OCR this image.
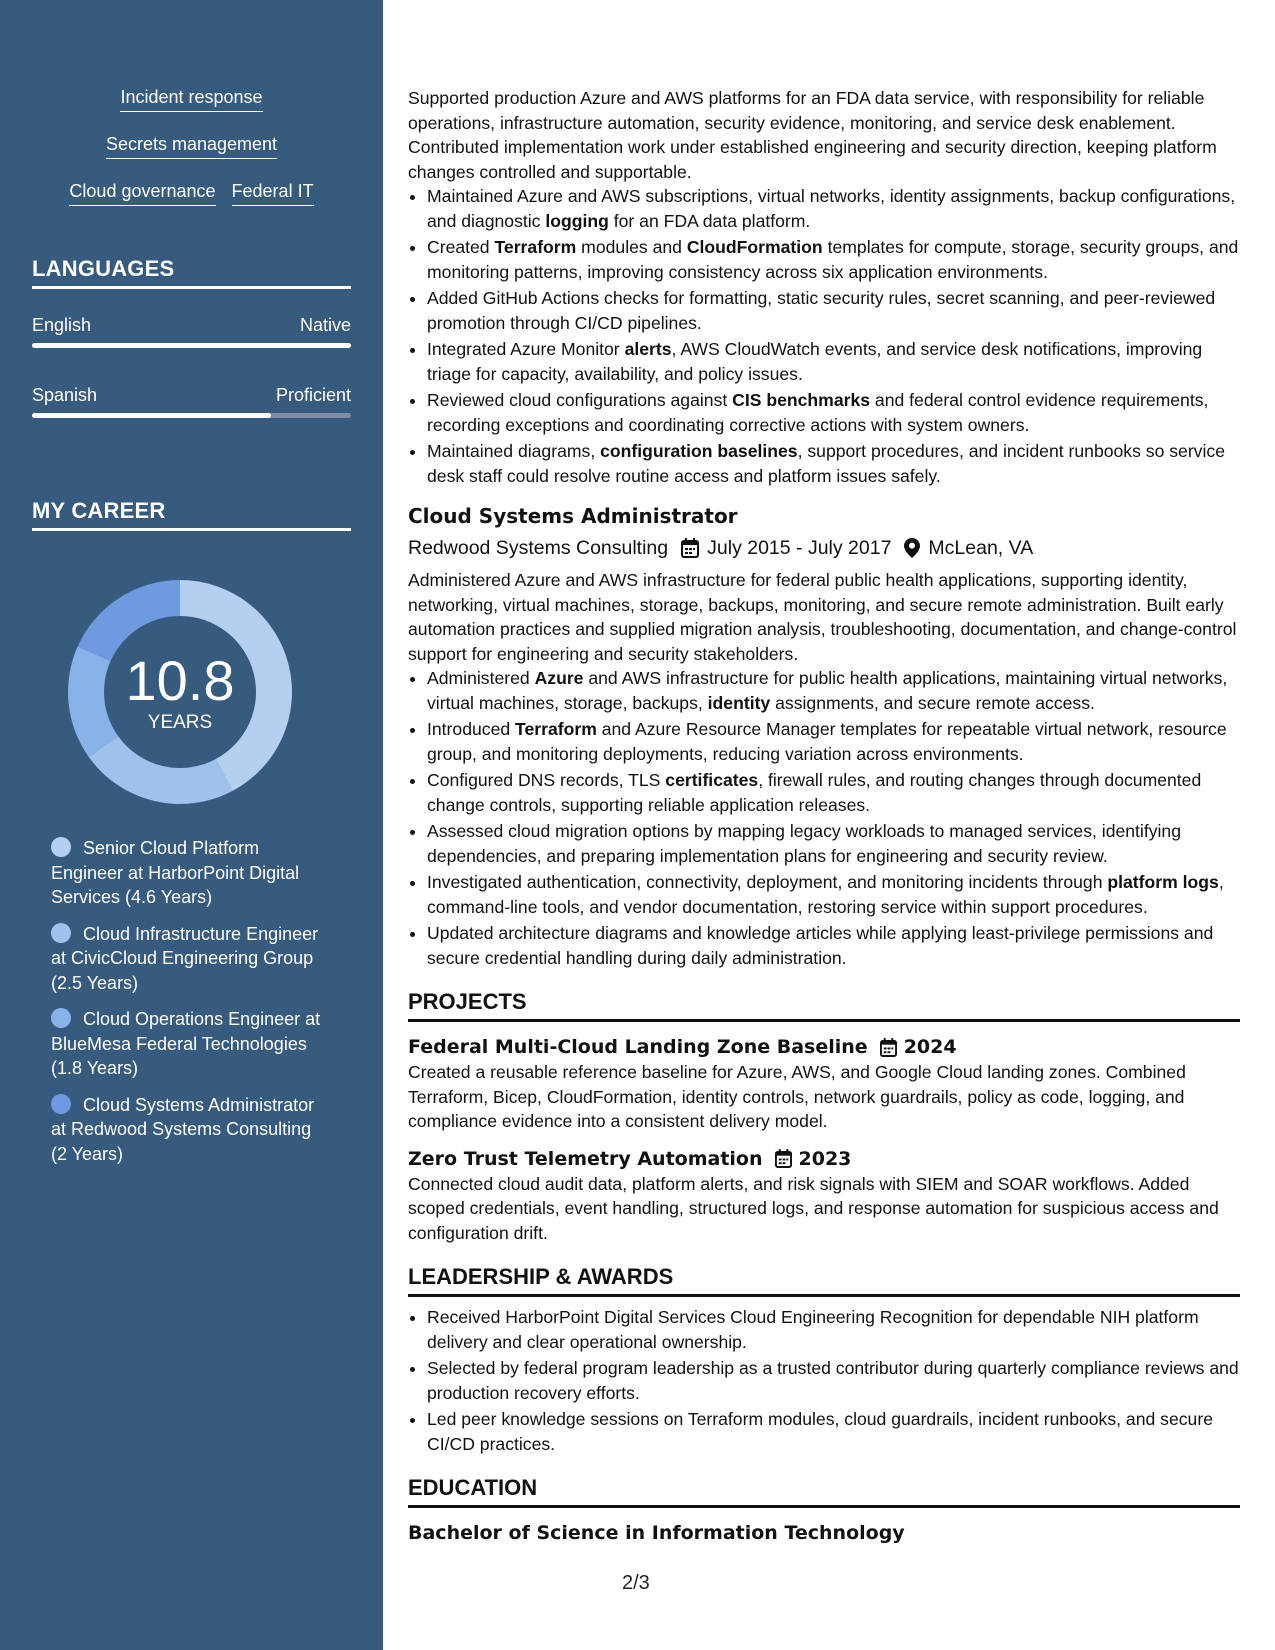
Incident response
Secrets management
Cloud governance Federal IT
LANGUAGES
English	Native
Spanish	Proficient
MY CAREER
10.8
YEARS
Senior Cloud Platform Engineer at HarborPoint Digital Services (4.6 Years)
Cloud Infrastructure Engineer at CivicCloud Engineering Group (2.5 Years)
Cloud Operations Engineer at BlueMesa Federal Technologies (1.8 Years)
Cloud Systems Administrator at Redwood Systems Consulting (2 Years)

Supported production Azure and AWS platforms for an FDA data service, with responsibility for reliable operations, infrastructure automation, security evidence, monitoring, and service desk enablement. Contributed implementation work under established engineering and security direction, keeping platform changes controlled and supportable.

• Maintained Azure and AWS subscriptions, virtual networks, identity assignments, backup configurations, and diagnostic logging for an FDA data platform.
• Created Terraform modules and CloudFormation templates for compute, storage, security groups, and monitoring patterns, improving consistency across six application environments.
• Added GitHub Actions checks for formatting, static security rules, secret scanning, and peer-reviewed promotion through CI/CD pipelines.
• Integrated Azure Monitor alerts, AWS CloudWatch events, and service desk notifications, improving triage for capacity, availability, and policy issues.
• Reviewed cloud configurations against CIS benchmarks and federal control evidence requirements, recording exceptions and coordinating corrective actions with system owners.
• Maintained diagrams, configuration baselines, support procedures, and incident runbooks so service desk staff could resolve routine access and platform issues safely.
Cloud Systems Administrator
Redwood Systems Consulting July 2015 - July 2017 McLean, VA

Administered Azure and AWS infrastructure for federal public health applications, supporting identity, networking, virtual machines, storage, backups, monitoring, and secure remote administration. Built early automation practices and supplied migration analysis, troubleshooting, documentation, and change-control support for engineering and security stakeholders.

• Administered Azure and AWS infrastructure for public health applications, maintaining virtual networks, virtual machines, storage, backups, identity assignments, and secure remote access.
• Introduced Terraform and Azure Resource Manager templates for repeatable virtual network, resource group, and monitoring deployments, reducing variation across environments.
• Configured DNS records, TLS certificates, firewall rules, and routing changes through documented change controls, supporting reliable application releases.
• Assessed cloud migration options by mapping legacy workloads to managed services, identifying dependencies, and preparing implementation plans for engineering and security review.
• Investigated authentication, connectivity, deployment, and monitoring incidents through platform logs, command-line tools, and vendor documentation, restoring service within support procedures.
• Updated architecture diagrams and knowledge articles while applying least-privilege permissions and secure credential handling during daily administration.
PROJECTS
Federal Multi-Cloud Landing Zone Baseline 2024

Created a reusable reference baseline for Azure, AWS, and Google Cloud landing zones. Combined Terraform, Bicep, CloudFormation, identity controls, network guardrails, policy as code, logging, and compliance evidence into a consistent delivery model.

Zero Trust Telemetry Automation 2023

Connected cloud audit data, platform alerts, and risk signals with SIEM and SOAR workflows. Added scoped credentials, event handling, structured logs, and response automation for suspicious access and configuration drift.

LEADERSHIP & AWARDS
• Received HarborPoint Digital Services Cloud Engineering Recognition for dependable NIH platform delivery and clear operational ownership.
• Selected by federal program leadership as a trusted contributor during quarterly compliance reviews and production recovery efforts.
• Led peer knowledge sessions on Terraform modules, cloud guardrails, incident runbooks, and secure CI/CD practices.
EDUCATION
Bachelor of Science in Information Technology
2/3
